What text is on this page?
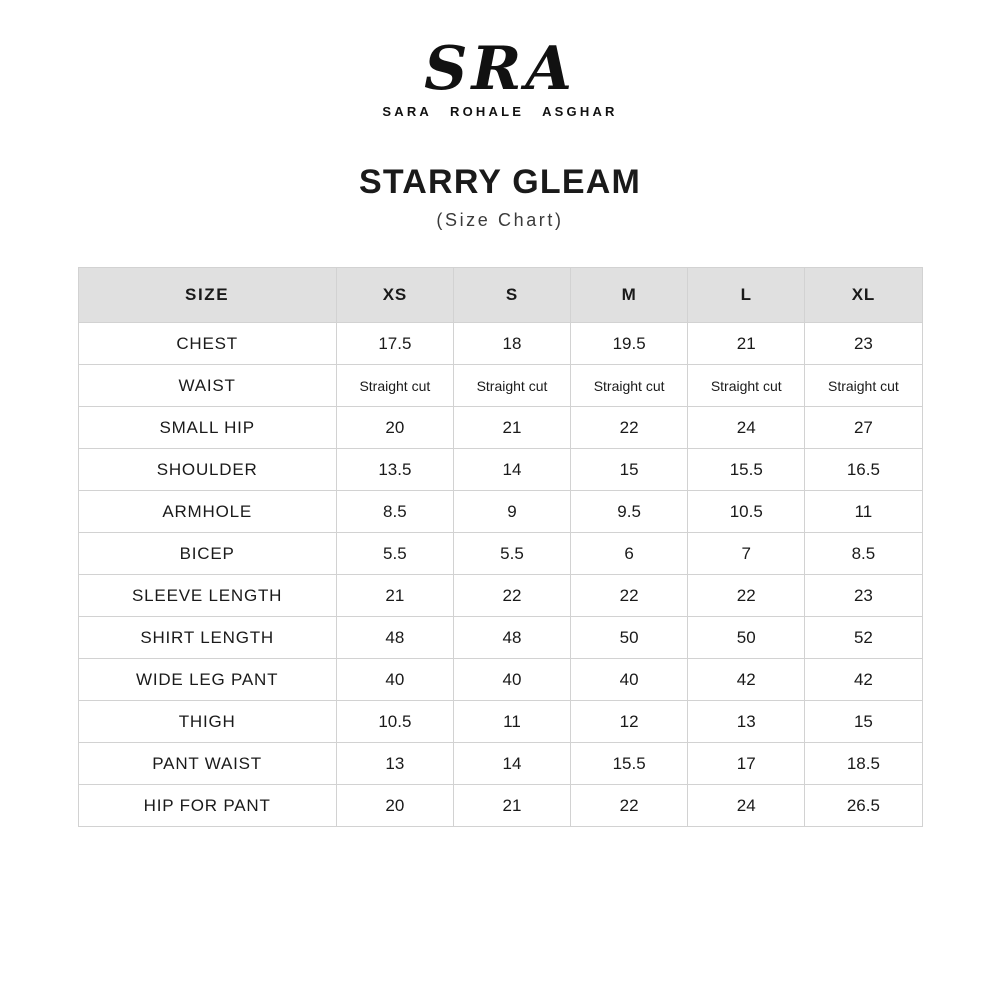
SRA
SARA ROHALE ASGHAR
STARRY GLEAM
(Size Chart)
SIZE	XS	S	M	L	XL
CHEST	17.5	18	19.5	21	23
WAIST	Straight cut	Straight cut	Straight cut	Straight cut	Straight cut
SMALL HIP	20	21	22	24	27
SHOULDER	13.5	14	15	15.5	16.5
ARMHOLE	8.5	9	9.5	10.5	11
BICEP	5.5	5.5	6	7	8.5
SLEEVE LENGTH	21	22	22	22	23
SHIRT LENGTH	48	48	50	50	52
WIDE LEG PANT	40	40	40	42	42
THIGH	10.5	11	12	13	15
PANT WAIST	13	14	15.5	17	18.5
HIP FOR PANT	20	21	22	24	26.5
